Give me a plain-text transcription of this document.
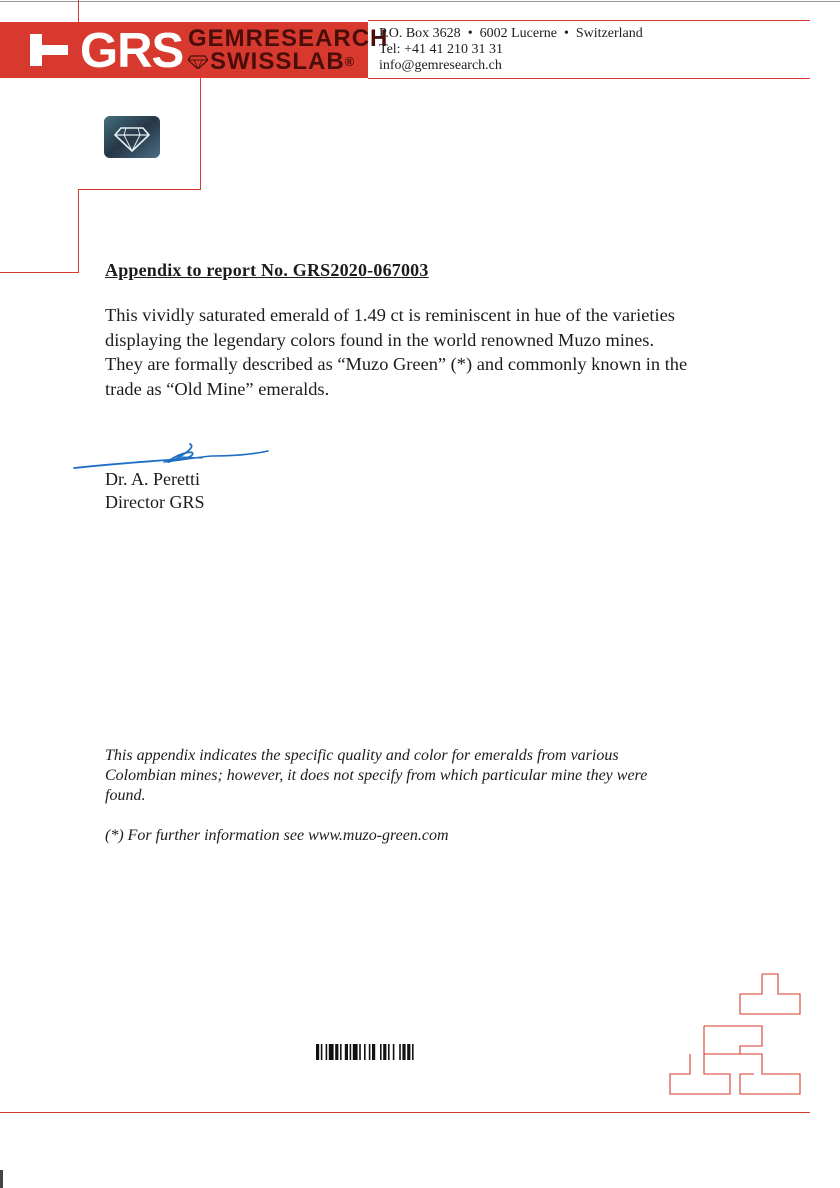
GRS GEMRESEARCH
SWISSLAB®
P.O. Box 3628 • 6002 Lucerne • Switzerland
Tel: +41 41 210 31 31
info@gemresearch.ch
Appendix to report No. GRS2020-067003
This vividly saturated emerald of 1.49 ct is reminiscent in hue of the varieties
displaying the legendary colors found in the world renowned Muzo mines.
They are formally described as “Muzo Green” (*) and commonly known in the
trade as “Old Mine” emeralds.
Dr. A. Peretti
Director GRS
This appendix indicates the specific quality and color for emeralds from various
Colombian mines; however, it does not specify from which particular mine they were
found.
(*) For further information see www.muzo-green.com
